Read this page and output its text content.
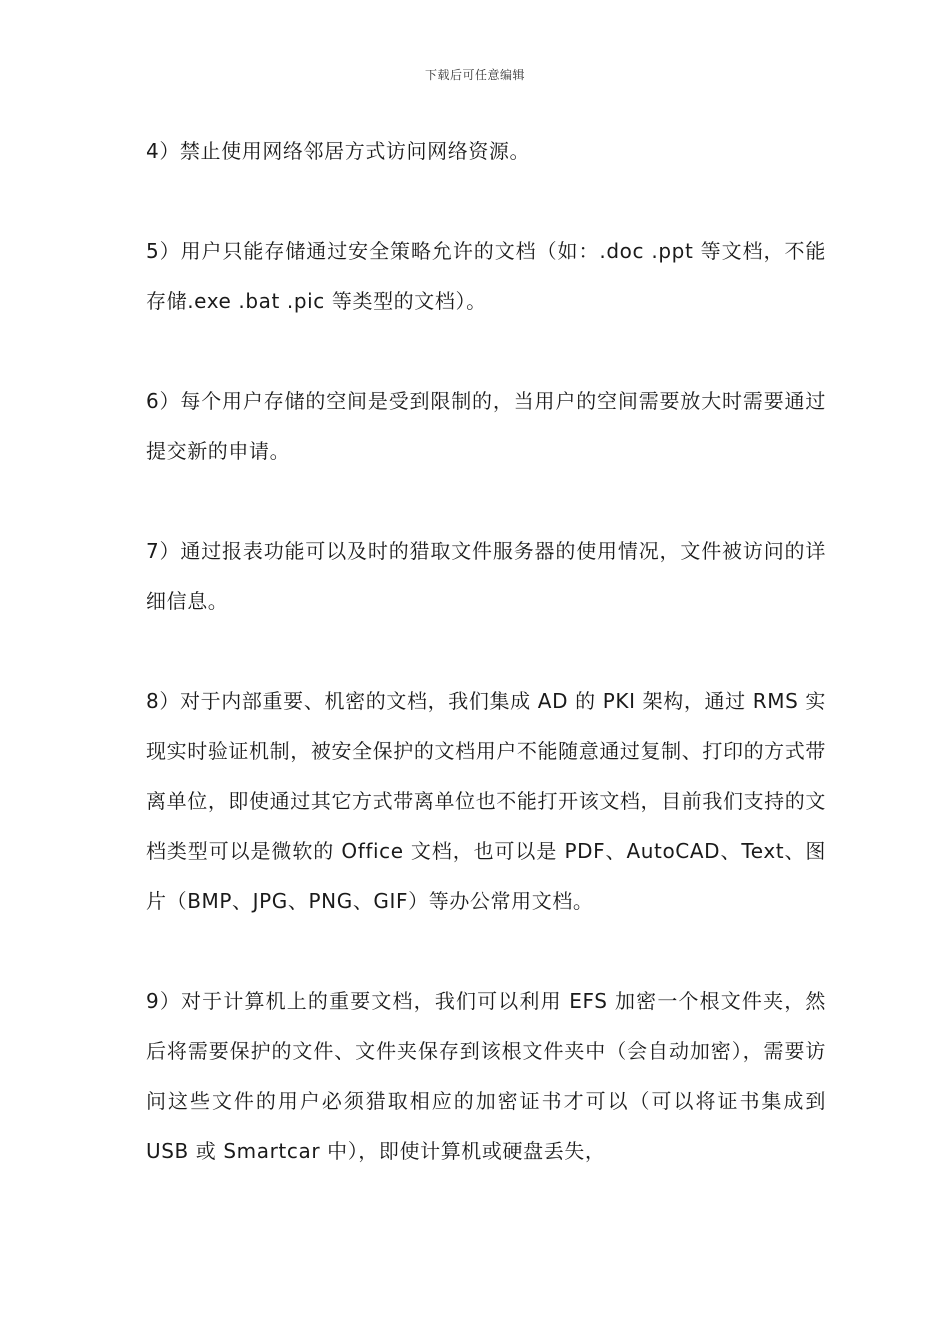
下载后可任意编辑

4）禁止使用网络邻居方式访问网络资源。

5）用户只能存储通过安全策略允许的文档（如：.doc .ppt 等文档，不能存储.exe .bat .pic 等类型的文档）。

6）每个用户存储的空间是受到限制的，当用户的空间需要放大时需要通过提交新的申请。

7）通过报表功能可以及时的猎取文件服务器的使用情况，文件被访问的详细信息。

8）对于内部重要、机密的文档，我们集成 AD 的 PKI 架构，通过 RMS 实现实时验证机制，被安全保护的文档用户不能随意通过复制、打印的方式带离单位，即使通过其它方式带离单位也不能打开该文档，目前我们支持的文档类型可以是微软的 Office 文档，也可以是 PDF、AutoCAD、Text、图片（BMP、JPG、PNG、GIF）等办公常用文档。

9）对于计算机上的重要文档，我们可以利用 EFS 加密一个根文件夹，然后将需要保护的文件、文件夹保存到该根文件夹中（会自动加密），需要访问这些文件的用户必须猎取相应的加密证书才可以（可以将证书集成到 USB 或 Smartcar 中），即使计算机或硬盘丢失，
